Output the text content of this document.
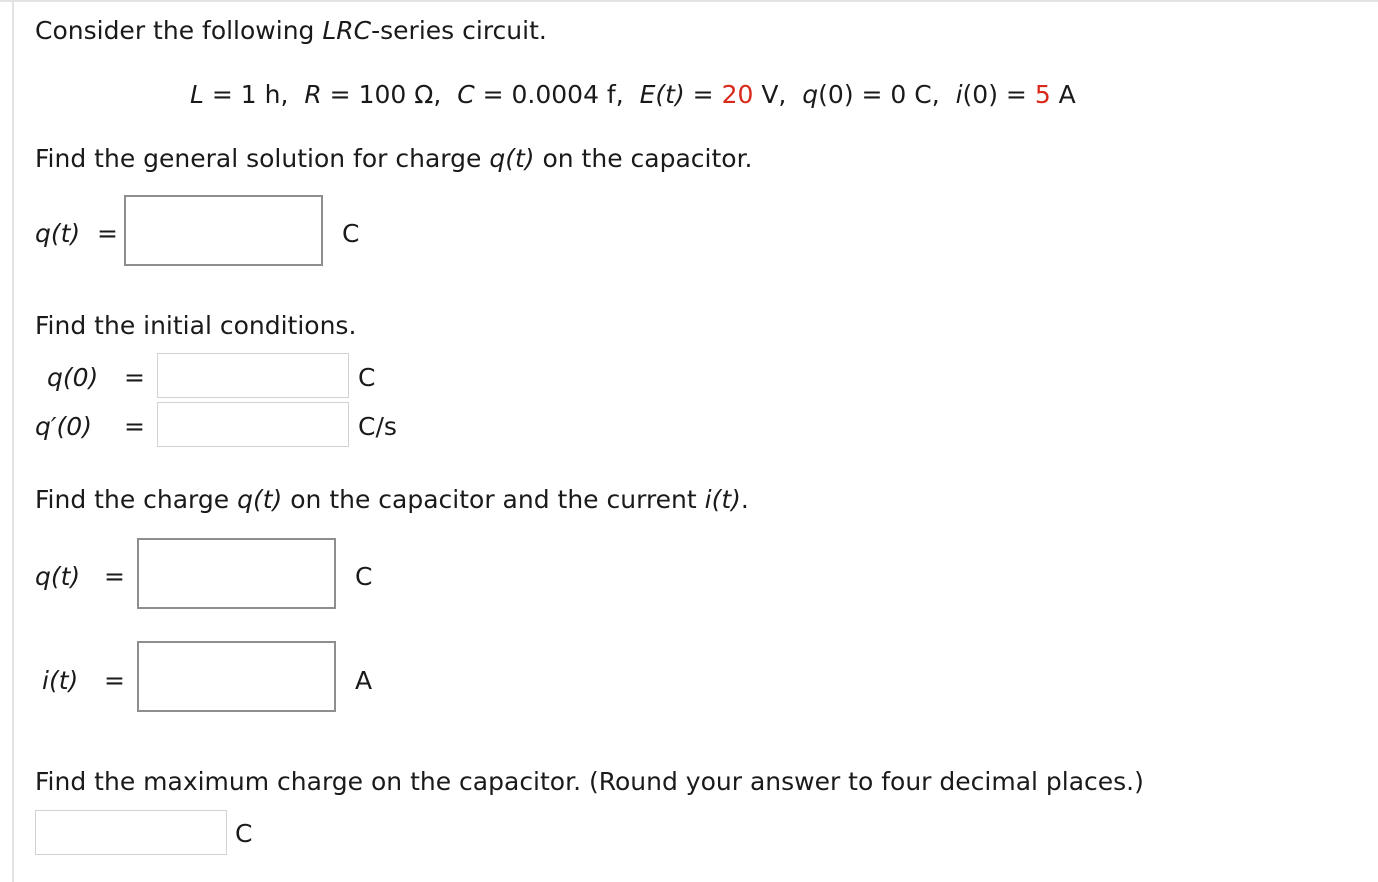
Consider the following LRC-series circuit.
L = 1 h, R = 100 Ω, C = 0.0004 f, E(t) = 20 V, q(0) = 0 C, i(0) = 5 A
Find the general solution for charge q(t) on the capacitor.
q(t) =	C
Find the initial conditions.
q(0) =	C
q′(0) =	C/s
Find the charge q(t) on the capacitor and the current i(t).
q(t) =	C
i(t) =	A
Find the maximum charge on the capacitor. (Round your answer to four decimal places.)
C
